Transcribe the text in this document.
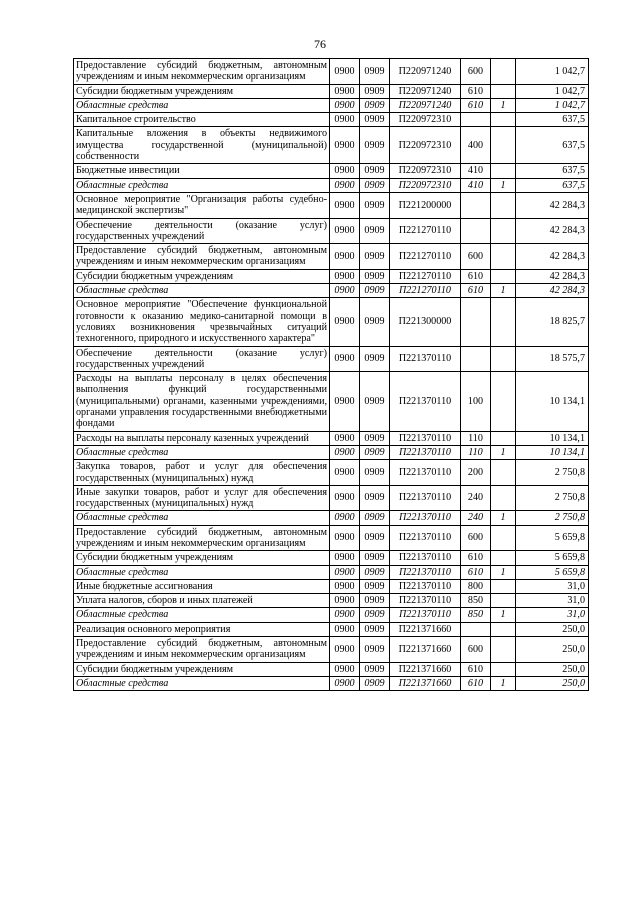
76
Предоставление субсидий бюджетным, автономным учреждениям и иным некоммерческим организациям	0900	0909	П220971240	600		1 042,7
Субсидии бюджетным учреждениям	0900	0909	П220971240	610		1 042,7
Областные средства	0900	0909	П220971240	610	1	1 042,7
Капитальное строительство	0900	0909	П220972310			637,5
Капитальные вложения в объекты недвижимого имущества государственной (муниципальной) собственности	0900	0909	П220972310	400		637,5
Бюджетные инвестиции	0900	0909	П220972310	410		637,5
Областные средства	0900	0909	П220972310	410	1	637,5
Основное мероприятие "Организация работы судебно-медицинской экспертизы"	0900	0909	П221200000			42 284,3
Обеспечение деятельности (оказание услуг) государственных учреждений	0900	0909	П221270110			42 284,3
Предоставление субсидий бюджетным, автономным учреждениям и иным некоммерческим организациям	0900	0909	П221270110	600		42 284,3
Субсидии бюджетным учреждениям	0900	0909	П221270110	610		42 284,3
Областные средства	0900	0909	П221270110	610	1	42 284,3
Основное мероприятие "Обеспечение функциональной готовности к оказанию медико-санитарной помощи в условиях возникновения чрезвычайных ситуаций техногенного, природного и искусственного характера"	0900	0909	П221300000			18 825,7
Обеспечение деятельности (оказание услуг) государственных учреждений	0900	0909	П221370110			18 575,7
Расходы на выплаты персоналу в целях обеспечения выполнения функций государственными (муниципальными) органами, казенными учреждениями, органами управления государственными внебюджетными фондами	0900	0909	П221370110	100		10 134,1
Расходы на выплаты персоналу казенных учреждений	0900	0909	П221370110	110		10 134,1
Областные средства	0900	0909	П221370110	110	1	10 134,1
Закупка товаров, работ и услуг для обеспечения государственных (муниципальных) нужд	0900	0909	П221370110	200		2 750,8
Иные закупки товаров, работ и услуг для обеспечения государственных (муниципальных) нужд	0900	0909	П221370110	240		2 750,8
Областные средства	0900	0909	П221370110	240	1	2 750,8
Предоставление субсидий бюджетным, автономным учреждениям и иным некоммерческим организациям	0900	0909	П221370110	600		5 659,8
Субсидии бюджетным учреждениям	0900	0909	П221370110	610		5 659,8
Областные средства	0900	0909	П221370110	610	1	5 659,8
Иные бюджетные ассигнования	0900	0909	П221370110	800		31,0
Уплата налогов, сборов и иных платежей	0900	0909	П221370110	850		31,0
Областные средства	0900	0909	П221370110	850	1	31,0
Реализация основного мероприятия	0900	0909	П221371660			250,0
Предоставление субсидий бюджетным, автономным учреждениям и иным некоммерческим организациям	0900	0909	П221371660	600		250,0
Субсидии бюджетным учреждениям	0900	0909	П221371660	610		250,0
Областные средства	0900	0909	П221371660	610	1	250,0
